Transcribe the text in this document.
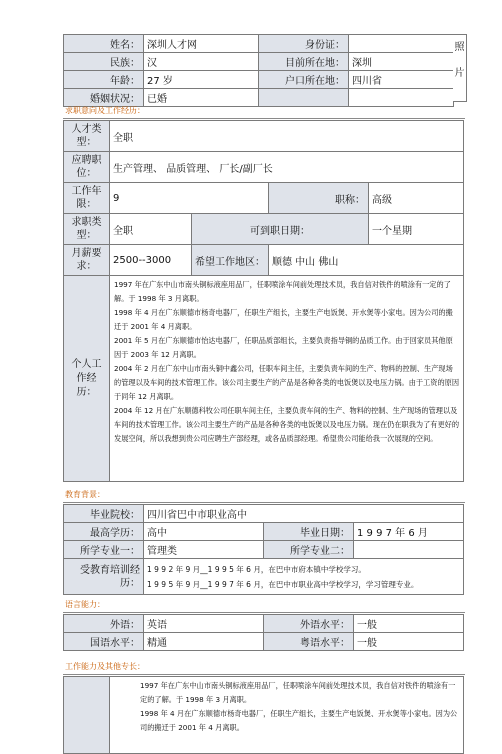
姓名：	深圳人才网	身份证：	
民族：	汉	目前所在地：	深圳
年龄：	27 岁	户口所在地：	四川省
婚姻状况：	已婚		
照
片
求职意向及工作经历：
人才类型：	全职			
应聘职位：	生产管理、 品质管理、 厂长/副厂长			
工作年限：	9		职称：	高级
求职类型：	全职	可到职日期：		一个星期
月薪要求：	2500--3000	希望工作地区：	顺德 中山 佛山	
个人工作经历：	1997 年在广东中山市南头铜标液座用品厂，任职喷涂车间前处理技术员，我自信对铁件的喷涂有一定的了解。于 1998 年 3 月离职。

1998 年 4 月在广东顺德市杨奇电器厂，任职生产组长，主要生产电饭煲、开水煲等小家电。因为公司的搬迁于 2001 年 4 月离职。

2001 年 5 月在广东顺德市怡达电器厂，任职品质部组长，主要负责指导铜的品质工作。由于回家员其他原因于 2003 年 12 月离职。

2004 年 2 月在广东中山市南头铜中鑫公司，任职车间主任，主要负责车间的生产、物料的控制、生产现场的管理以及车间的技术管理工作。该公司主要生产的产品是各种各类的电饭煲以及电压力锅。由于工资的原因于同年 12 月离职。

2004 年 12 月在广东顺德科牧公司任职车间主任，主要负责车间的生产、物料的控制、生产现场的管理以及车间的技术管理工作。该公司主要生产的产品是各种各类的电饭煲以及电压力锅。现在仍在职我为了有更好的发展空间，所以我想到贵公司应聘生产部经理，或各品质部经理。希望贵公司能给我一次展现的空间。			

教育背景：
毕业院校：	四川省巴中市职业高中		
最高学历：	高中	毕业日期：	1 9 9 7 年 6 月
所学专业一：	管理类	所学专业二：	
受教育培训经历：	1 9 9 2 年 9 月__1 9 9 5 年 6 月，在巴中市府本镇中学校学习。
1 9 9 5 年 9 月__1 9 9 7 年 6 月，在巴中市职业高中学校学习，学习管理专业。		
语言能力：
外语：	英语	外语水平：	一般
国语水平：	精通	粤语水平：	一般
工作能力及其他专长：

1997 年在广东中山市南头铜标液座用品厂，任职喷涂车间前处理技术员，我自信对铁件的喷涂有一定的了解。于 1998 年 3 月离职。

1998 年 4 月在广东顺德市杨奇电器厂，任职生产组长，主要生产电饭煲、开水煲等小家电。因为公司的搬迁于 2001 年 4 月离职。
